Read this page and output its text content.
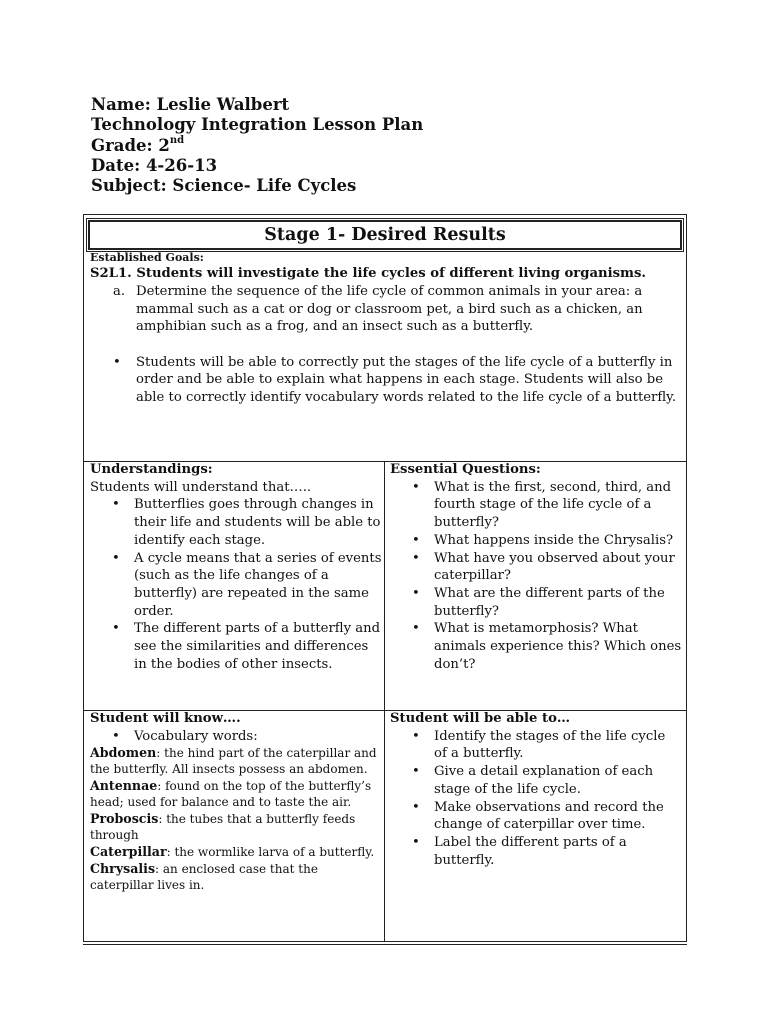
Name: Leslie Walbert
Technology Integration Lesson Plan
Grade: 2nd
Date: 4-26-13
Subject: Science- Life Cycles
Stage 1- Desired Results
Established Goals:
S2L1. Students will investigate the life cycles of different living organisms.
a. Determine the sequence of the life cycle of common animals in your area: a mammal such as a cat or dog or classroom pet, a bird such as a chicken, an amphibian such as a frog, and an insect such as a butterfly.
• Students will be able to correctly put the stages of the life cycle of a butterfly in order and be able to explain what happens in each stage. Students will also be able to correctly identify vocabulary words related to the life cycle of a butterfly.
Understandings:
Students will understand that…..
• Butterflies goes through changes in their life and students will be able to identify each stage.
• A cycle means that a series of events (such as the life changes of a butterfly) are repeated in the same order.
• The different parts of a butterfly and see the similarities and differences in the bodies of other insects.
Essential Questions:
• What is the first, second, third, and fourth stage of the life cycle of a butterfly?
• What happens inside the Chrysalis?
• What have you observed about your caterpillar?
• What are the different parts of the butterfly?
• What is metamorphosis? What animals experience this? Which ones don’t?
Student will know….
• Vocabulary words:
Abdomen: the hind part of the caterpillar and the butterfly. All insects possess an abdomen.
Antennae: found on the top of the butterfly’s head; used for balance and to taste the air.
Proboscis: the tubes that a butterfly feeds through
Caterpillar: the wormlike larva of a butterfly.
Chrysalis: an enclosed case that the caterpillar lives in.
Student will be able to…
• Identify the stages of the life cycle of a butterfly.
• Give a detail explanation of each stage of the life cycle.
• Make observations and record the change of caterpillar over time.
• Label the different parts of a butterfly.
